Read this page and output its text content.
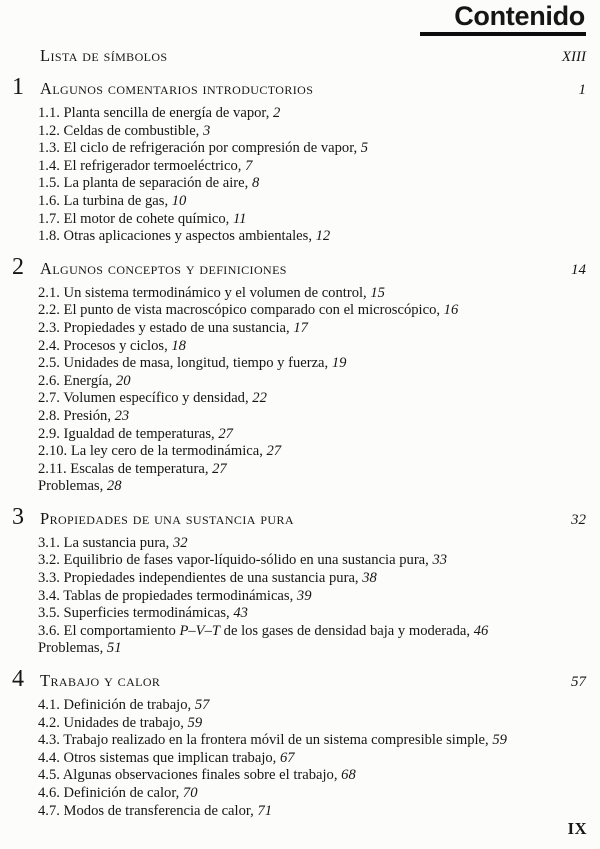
Contenido
Lista de símbolos	XIII
1 Algunos comentarios introductorios	1
1.1. Planta sencilla de energía de vapor, 2
1.2. Celdas de combustible, 3
1.3. El ciclo de refrigeración por compresión de vapor, 5
1.4. El refrigerador termoeléctrico, 7
1.5. La planta de separación de aire, 8
1.6. La turbina de gas, 10
1.7. El motor de cohete químico, 11
1.8. Otras aplicaciones y aspectos ambientales, 12
2 Algunos conceptos y definiciones	14
2.1. Un sistema termodinámico y el volumen de control, 15
2.2. El punto de vista macroscópico comparado con el microscópico, 16
2.3. Propiedades y estado de una sustancia, 17
2.4. Procesos y ciclos, 18
2.5. Unidades de masa, longitud, tiempo y fuerza, 19
2.6. Energía, 20
2.7. Volumen específico y densidad, 22
2.8. Presión, 23
2.9. Igualdad de temperaturas, 27
2.10. La ley cero de la termodinámica, 27
2.11. Escalas de temperatura, 27
Problemas, 28
3 Propiedades de una sustancia pura	32
3.1. La sustancia pura, 32
3.2. Equilibrio de fases vapor-líquido-sólido en una sustancia pura, 33
3.3. Propiedades independientes de una sustancia pura, 38
3.4. Tablas de propiedades termodinámicas, 39
3.5. Superficies termodinámicas, 43
3.6. El comportamiento P–V–T de los gases de densidad baja y moderada, 46
Problemas, 51
4 Trabajo y calor	57
4.1. Definición de trabajo, 57
4.2. Unidades de trabajo, 59
4.3. Trabajo realizado en la frontera móvil de un sistema compresible simple, 59
4.4. Otros sistemas que implican trabajo, 67
4.5. Algunas observaciones finales sobre el trabajo, 68
4.6. Definición de calor, 70
4.7. Modos de transferencia de calor, 71
IX
